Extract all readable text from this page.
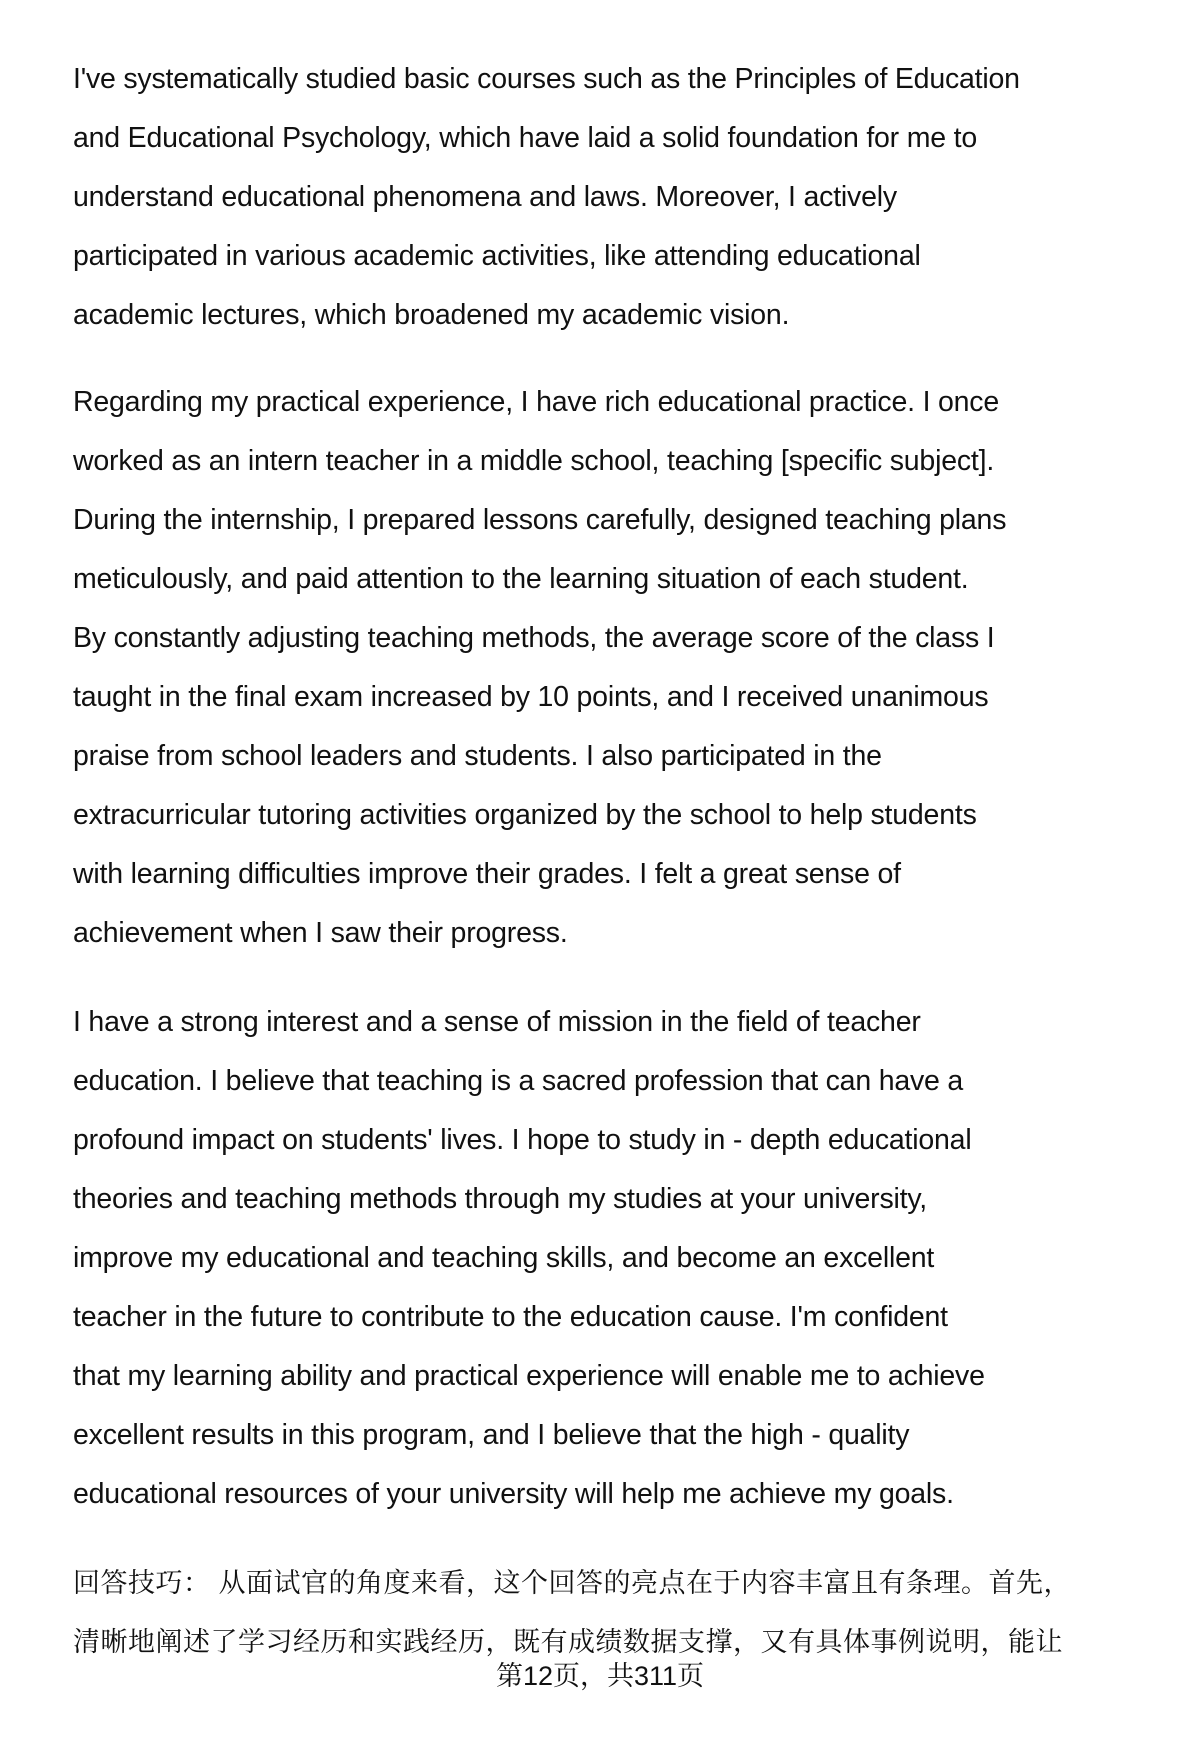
I've systematically studied basic courses such as the Principles of Education
and Educational Psychology, which have laid a solid foundation for me to
understand educational phenomena and laws. Moreover, I actively
participated in various academic activities, like attending educational
academic lectures, which broadened my academic vision.
Regarding my practical experience, I have rich educational practice. I once
worked as an intern teacher in a middle school, teaching [specific subject].
During the internship, I prepared lessons carefully, designed teaching plans
meticulously, and paid attention to the learning situation of each student.
By constantly adjusting teaching methods, the average score of the class I
taught in the final exam increased by 10 points, and I received unanimous
praise from school leaders and students. I also participated in the
extracurricular tutoring activities organized by the school to help students
with learning difficulties improve their grades. I felt a great sense of
achievement when I saw their progress.
I have a strong interest and a sense of mission in the field of teacher
education. I believe that teaching is a sacred profession that can have a
profound impact on students' lives. I hope to study in - depth educational
theories and teaching methods through my studies at your university,
improve my educational and teaching skills, and become an excellent
teacher in the future to contribute to the education cause. I'm confident
that my learning ability and practical experience will enable me to achieve
excellent results in this program, and I believe that the high - quality
educational resources of your university will help me achieve my goals.
回答技巧： 从面试官的角度来看，这个回答的亮点在于内容丰富且有条理。首先，
清晰地阐述了学习经历和实践经历，既有成绩数据支撑，又有具体事例说明，能让
第12页，共311页
